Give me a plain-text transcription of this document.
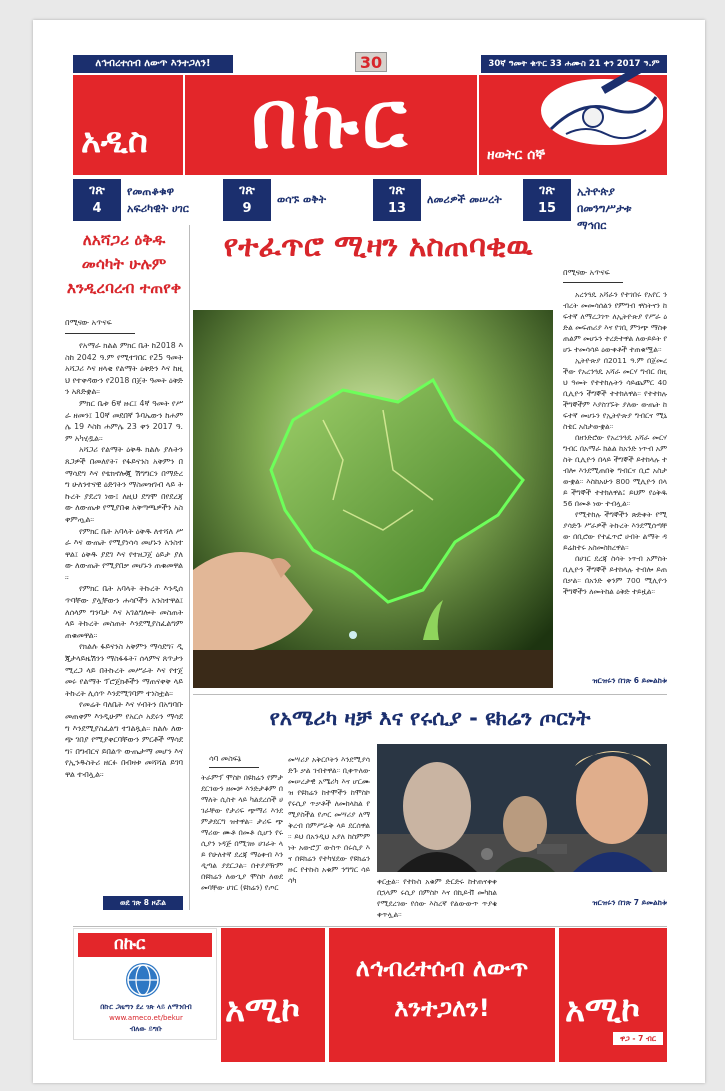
ለኅብረተሰብ ለውጥ እንተጋለን!	30	30ኛ ዓመት ቁጥር 33 ሐሙስ 21 ቀን 2017 ዓ.ም
አዲስ	በኩር	ዘወትር ሰኞ
ገጽ
4
የመጠቆቁዋ
አፍሪካዊት ሀገር
ገጽ
9
ወሳኙ ወቅት
ገጽ
13
ለመሪዎች መሠረት
ገጽ
15
ኢትዮጵያ በመንግሥታቱ
ማኅበር
ለአሻጋሪ ዕቅዱ መሳካት ሁሉም እንዲረባረብ ተጠየቀ
በሚናው አጥናፍ

የአማራ ክልል ምክር ቤት ከ2018 እስከ 2042 ዓ.ም የሚተገበር የ25 ዓመት አሻጋሪ እና ዘላቂ የልማት ዕቅድን እና ከዚህ የተቀዳውን የ2018 በጀት ዓመት ዕቅድን አጸድቋል።

ምክር ቤቱ 6ኛ ዙር፤ 4ኛ ዓመት የሥራ ዘመን፤ 10ኛ መደበኛ ጉባኤውን ከሐምሌ 19 እስከ ሐምሌ 23 ቀን 2017 ዓ.ም አካሂዷል።

አሻጋሪ የልማት ዕቅዱ ክልሉ ያሉትን ጸጋዎች በመለየት፣ የፋይናንስ አቅምን በማሳደግ እና የቴክኖሎጂ ሽግግርን በማድረግ ሁለንተናዊ ዕድገትን ማስመዝገብ ላይ ትኩረት ያደረገ ነው፤ ለዚህ ደግሞ በየደረጃው ለውጤቱ የሚያበቁ አቅጣጫዎችን አስቀምጧል።

የምክር ቤት አባላት ዕቅዱ ለተሻለ ሥራ እና ውጤት የሚያነሳሳ መሆኑን አንስተዋል፤ ዕቅዱ ያደገ እና የተዘጋጀ ዕይታ ያለው ለውጤት የሚያበቃ መሆኑን ጠቁመዋል።

የምክር ቤት አባላት ትኩረት እንዲሰጥባቸው ያሏቸውን ሐሳቦችን አንስተዋል፤ ለሰላም ግንባታ እና አገልግሎት መስጠት ላይ ትኩረት መስጠት እንደሚያስፈልግም ጠቁመዋል።

የክልሉ ፋይናንስ አቅምን ማሳደግ፣ ዲጂታላይዜሽንን ማስፋፋት፣ ሰላምና ጸጥታን ሚረጋ ላይ በትኩረት መሥራት እና የተጀመሩ የልማት ፕሮጀክቶችን ማጠናቀቅ ላይ ትኩረት ሊሰጥ እንደሚገባም ተነስቷል።

የመሬት ባለቤት እና ሃብትን በአግባቡ መጠቀም እንዲሁም የአርሶ አደሩን ማሳደግ እንደሚያስፈልግ ተገልጿል። ክልሉ ለውጭ ገበያ የሚያቀርባቸውን ምርቶች ማሳደግ፣ በግብርና ይበልጥ ውጤታማ መሆን እና የኢንዱስትሪ ዘርፉ በብዛቱ መሻሻል ይገባዋል ተብሏል።

ወደ ገጽ 8 ዞሯል
የተፈጥሮ ሚዛን አስጠባቂዉ
በሚናው አጥናፍ

አረንጓዴ አሻራን የተገበሩ የአየር ንብረት መመሳሰልን የምግብ ዋስትናን ከፍተኛ ለማረጋገጥ ለኢትዮጵያ የሥራ ዕድል መፍጠሪያ እና የገቢ ምንጭ ማስቀጠልም መሆኑን ተረድተዋል ለውይይት የሆኑ ተመሳሳይ ዕውቀቶች ተጠቁሟል።

ኢትዮጵያ በ2011 ዓ.ም በጀመረችው የአረንጓዴ አሻራ መርሃ ግብር በዚህ ዓመት የተተከሉትን ሳይጨምር 40 ቢሊዮን ችግኞች ተተክለዋል። የተተከሉ ችግኞችም እያስገኙት ያለው ውጤት ከፍተኛ መሆኑን የኢትዮጵያ ግብርና ሚኒስቴር አስታውቋል።

በዘንድሮው የአረንጓዴ አሻራ መርሃ ግብር በአማራ ክልል ከአንድ ነጥብ አምስት ቢሊዮን በላይ ችግኞች ይተከላሉ ተብሎ እንደሚጠበቅ ግብርና ቢሮ አስታውቋል። እስከአሁን 800 ሚሊዮን በላይ ችግኞች ተተክለዋል፤ ይህም የዕቅዱ 56 በመቶ ነው ተብሏል።

የሚተከሉ ችግኞችን ጽድቀት የሚያሳድጉ ሥራዎች ትኩረት እንደሚሰጣቸው በቢሮው የተፈጥሮ ሀብት ልማት ዳይሬክተሩ አስመስክረዋል።

በሀገር ደረጃ ስሳት ነጥብ አምስት ቢሊዮን ችግኞች ይተከላሉ ተብሎ ይጠበቃል። በአንድ ቀንም 700 ሚሊዮን ችግኞችን ለመትከል ዕቅድ ተይዟል።

ዝርዝሩን በገጽ 6 ይመልከቱ
የአሜሪካ ዛቻ እና የሩሲያ - ዩክሬን ጦርነት
ሳባ መስፍኔ
ትራምፕ ሞስኮ በዩክሬን የምታደርገውን ዘመቻ እንድታቆም በማለት ሲስተ ላይ ካልደረሰች ሀገራቸው የታሪፍ ጭማሪ እንደምታደርግ ዝተዋል። ታሪፍ ጭማሪው ሙቶ በመቶ ሲሆን የሩሲያን ነዳጅ በሚገዙ ሀገራት ላይ የሁለተኛ ደረጃ ማዕቀብ እንዲጣል ያደርጋል። በተያያዥም በዩክሬን ለውጊያ ሞስኮ ለወደመባቸው ሀገር (ዩክሬን) የጦር
መሣሪያ አቅርቦትን እንደሚያሳድጉ ቃል ገብተዋል። ቢቀጥለው መሠረታዊ አሜሪካ እና ሆርሙዝ የዩክሬን ከተሞችን ከሞስኮ የሩሲያ ጥቃቶች ለመከላከል የሚያስችል የጦር መሣሪያ ለማቅረብ በምሥራቅ ላይ ደርሰዋል። ይህ በአንዲህ አያለ ከስምምነት አውሮፓ ውስጥ በሩሲያ እና በዩክሬን የተካሄደው የዩክሬን ዙር የተኩስ አቁም ንግግር ሳይሳካ	ቀርቷል። የተኩስ አቁም ድርድሩ ከተጠናቀቀ በኋላም ሩሲያ በምስኮ እና በኪይቭ መካከል የሚደረገው የሰው እስረኛ የልውውጥ ጥያቄ ቀጥሏል።
ዝርዝሩን በገጽ 7 ይመልከቱ
በኩር
በኩር ጋዜጣን ደረ ገጽ ላይ ለማንበብ
www.ameco.et/bekur
ብለው ይግቡ	አሚኮ
ለኅብረተሰብ ለውጥ
እንተጋለን!	አሚኮ
ዋጋ - 7 ብር
